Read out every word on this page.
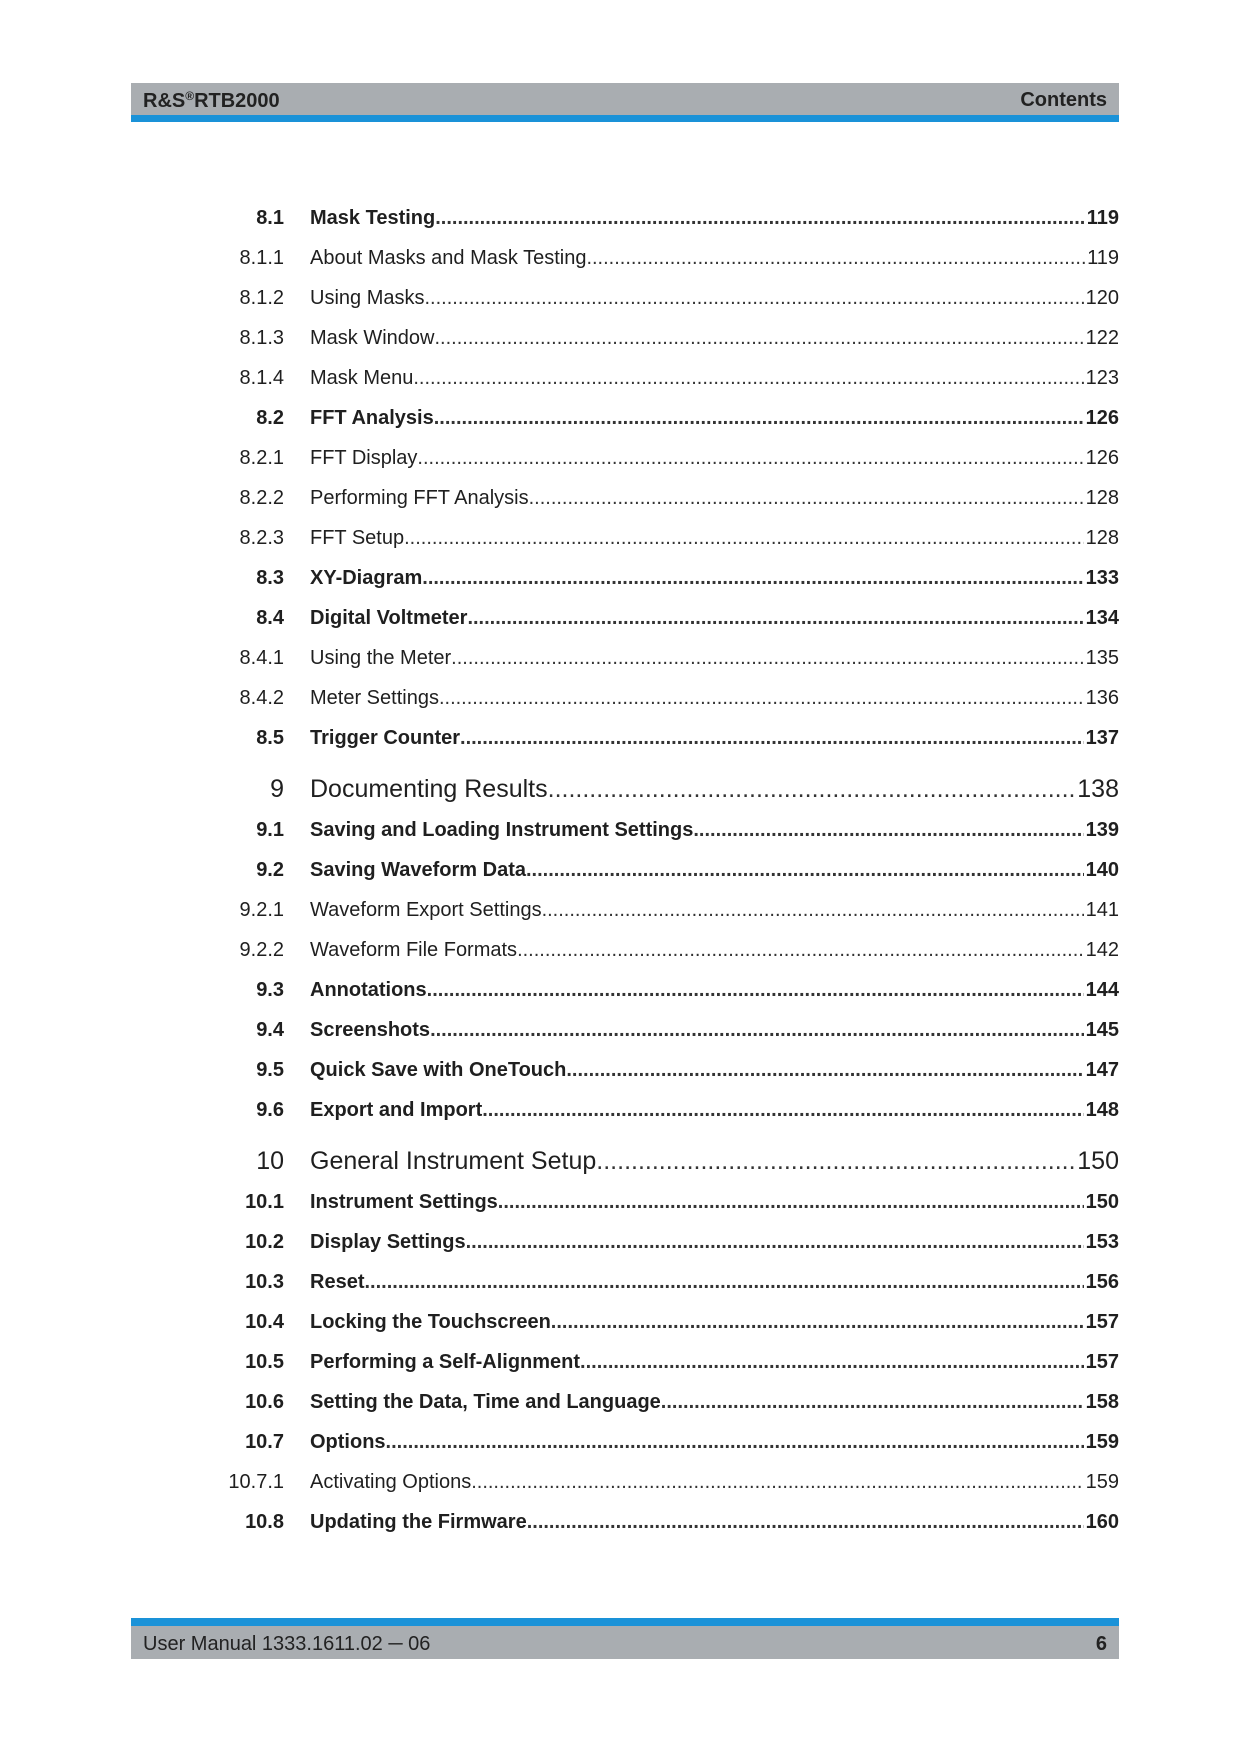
R&S®RTB2000	Contents
8.1 Mask Testing .....	119
8.1.1 About Masks and Mask Testing .....	119
8.1.2 Using Masks .....	120
8.1.3 Mask Window .....	122
8.1.4 Mask Menu .....	123
8.2 FFT Analysis .....	126
8.2.1 FFT Display .....	126
8.2.2 Performing FFT Analysis .....	128
8.2.3 FFT Setup .....	128
8.3 XY-Diagram .....	133
8.4 Digital Voltmeter .....	134
8.4.1 Using the Meter .....	135
8.4.2 Meter Settings .....	136
8.5 Trigger Counter .....	137
9 Documenting Results .....	138
9.1 Saving and Loading Instrument Settings .....	139
9.2 Saving Waveform Data .....	140
9.2.1 Waveform Export Settings .....	141
9.2.2 Waveform File Formats .....	142
9.3 Annotations .....	144
9.4 Screenshots .....	145
9.5 Quick Save with OneTouch .....	147
9.6 Export and Import .....	148
10 General Instrument Setup .....	150
10.1 Instrument Settings .....	150
10.2 Display Settings .....	153
10.3 Reset .....	156
10.4 Locking the Touchscreen .....	157
10.5 Performing a Self-Alignment .....	157
10.6 Setting the Data, Time and Language .....	158
10.7 Options .....	159
10.7.1 Activating Options .....	159
10.8 Updating the Firmware .....	160
User Manual 1333.1611.02 ─ 06	6
